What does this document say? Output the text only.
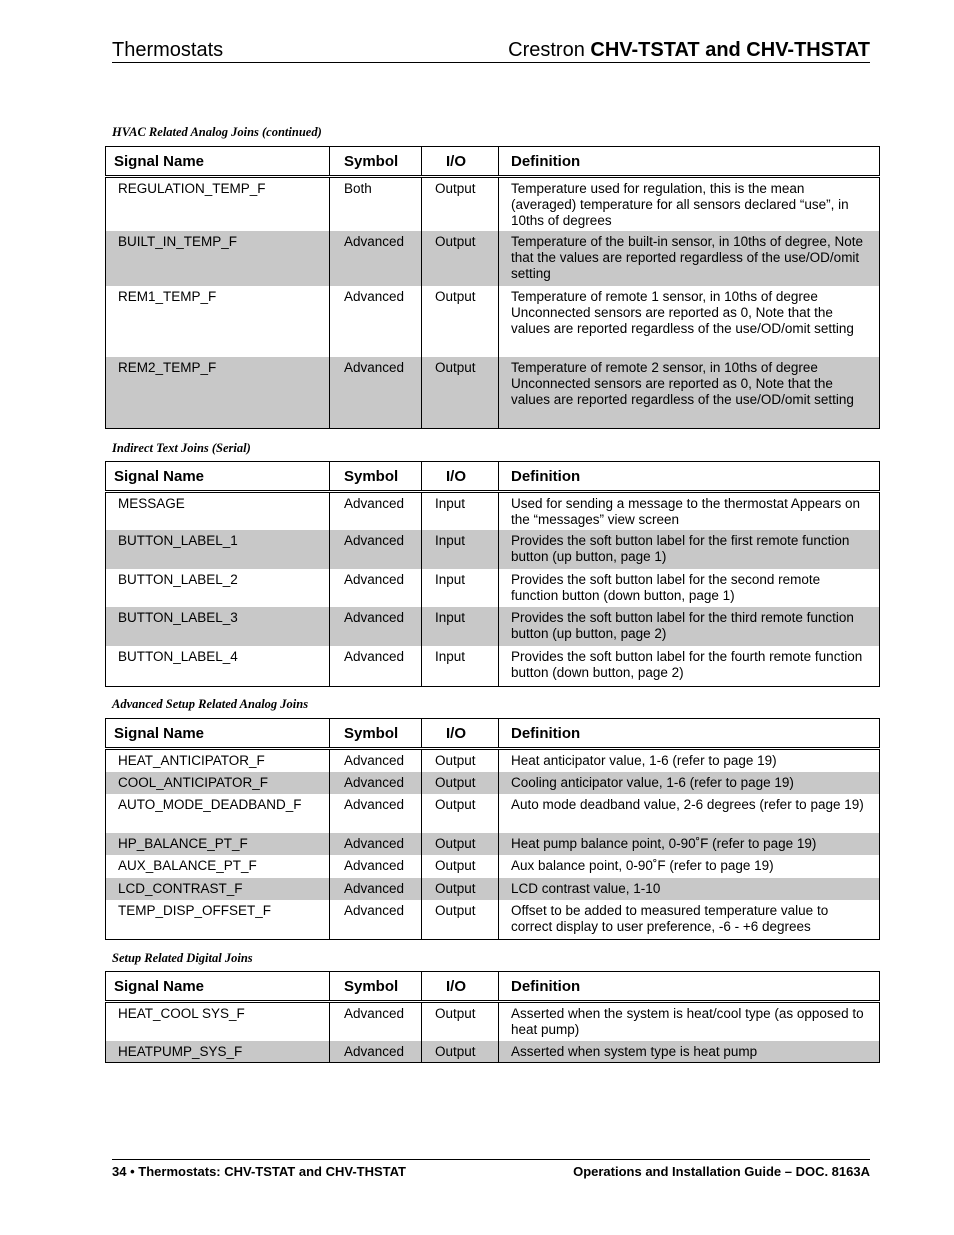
Thermostats	Crestron CHV-TSTAT and CHV-THSTAT
HVAC Related Analog Joins (continued)
Signal Name	Symbol	I/O	Definition
REGULATION_TEMP_F	Both	Output	Temperature used for regulation, this is the mean (averaged) temperature for all sensors declared “use”, in 10ths of degrees
BUILT_IN_TEMP_F	Advanced	Output	Temperature of the built-in sensor, in 10ths of degree, Note that the values are reported regardless of the use/OD/omit setting
REM1_TEMP_F	Advanced	Output	Temperature of remote 1 sensor, in 10ths of degree Unconnected sensors are reported as 0, Note that the values are reported regardless of the use/OD/omit setting
REM2_TEMP_F	Advanced	Output	Temperature of remote 2 sensor, in 10ths of degree Unconnected sensors are reported as 0, Note that the values are reported regardless of the use/OD/omit setting
Indirect Text Joins (Serial)
Signal Name	Symbol	I/O	Definition
MESSAGE	Advanced	Input	Used for sending a message to the thermostat Appears on the “messages” view screen
BUTTON_LABEL_1	Advanced	Input	Provides the soft button label for the first remote function button (up button, page 1)
BUTTON_LABEL_2	Advanced	Input	Provides the soft button label for the second remote function button (down button, page 1)
BUTTON_LABEL_3	Advanced	Input	Provides the soft button label for the third remote function button (up button, page 2)
BUTTON_LABEL_4	Advanced	Input	Provides the soft button label for the fourth remote function button (down button, page 2)
Advanced Setup Related Analog Joins
Signal Name	Symbol	I/O	Definition
HEAT_ANTICIPATOR_F	Advanced	Output	Heat anticipator value, 1-6 (refer to page 19)
COOL_ANTICIPATOR_F	Advanced	Output	Cooling anticipator value, 1-6 (refer to page 19)
AUTO_MODE_DEADBAND_F	Advanced	Output	Auto mode deadband value, 2-6 degrees (refer to page 19)
HP_BALANCE_PT_F	Advanced	Output	Heat pump balance point, 0-90˚F (refer to page 19)
AUX_BALANCE_PT_F	Advanced	Output	Aux balance point, 0-90˚F (refer to page 19)
LCD_CONTRAST_F	Advanced	Output	LCD contrast value, 1-10
TEMP_DISP_OFFSET_F	Advanced	Output	Offset to be added to measured temperature value to correct display to user preference, -6 - +6 degrees
Setup Related Digital Joins
Signal Name	Symbol	I/O	Definition
HEAT_COOL SYS_F	Advanced	Output	Asserted when the system is heat/cool type (as opposed to heat pump)
HEATPUMP_SYS_F	Advanced	Output	Asserted when system type is heat pump
34 • Thermostats: CHV-TSTAT and CHV-THSTAT	Operations and Installation Guide – DOC. 8163A
